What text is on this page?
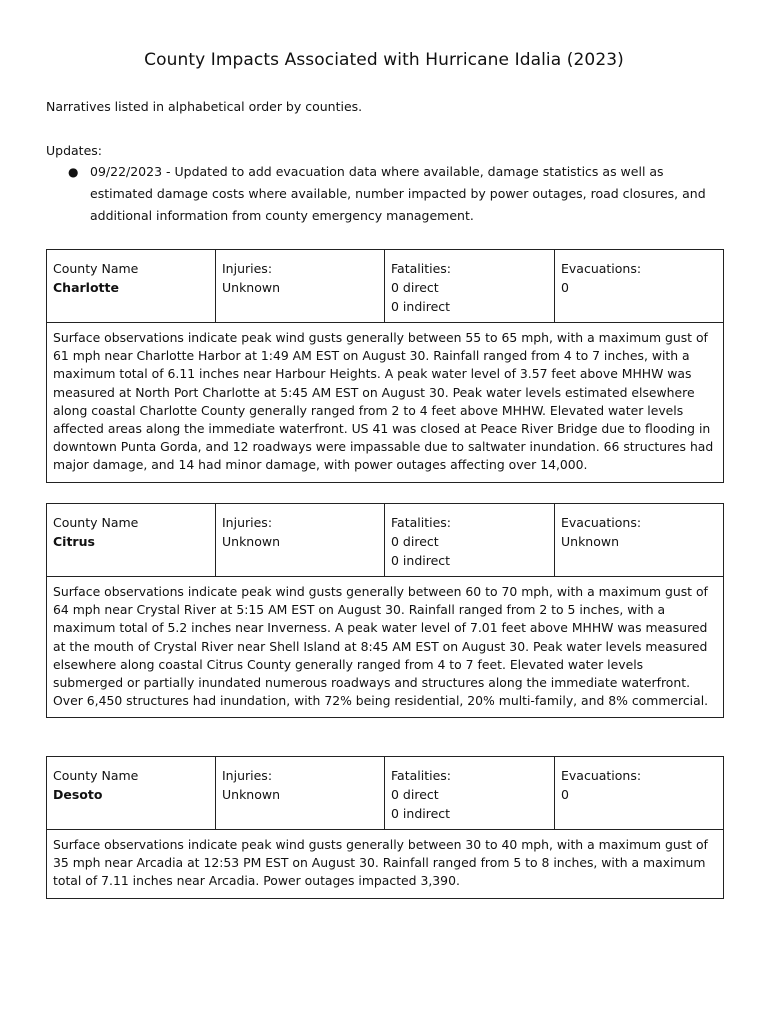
County Impacts Associated with Hurricane Idalia (2023)
Narratives listed in alphabetical order by counties.
Updates:
● 09/22/2023 - Updated to add evacuation data where available, damage statistics as well as estimated damage costs where available, number impacted by power outages, road closures, and additional information from county emergency management.
County Name
Charlotte

Injuries:
Unknown

Fatalities:
0 direct
0 indirect

Evacuations:
0

Surface observations indicate peak wind gusts generally between 55 to 65 mph, with a maximum gust of 61 mph near Charlotte Harbor at 1:49 AM EST on August 30. Rainfall ranged from 4 to 7 inches, with a maximum total of 6.11 inches near Harbour Heights. A peak water level of 3.57 feet above MHHW was measured at North Port Charlotte at 5:45 AM EST on August 30. Peak water levels estimated elsewhere along coastal Charlotte County generally ranged from 2 to 4 feet above MHHW. Elevated water levels affected areas along the immediate waterfront. US 41 was closed at Peace River Bridge due to flooding in downtown Punta Gorda, and 12 roadways were impassable due to saltwater inundation. 66 structures had major damage, and 14 had minor damage, with power outages affecting over 14,000.
County Name
Citrus

Injuries:
Unknown

Fatalities:
0 direct
0 indirect

Evacuations:
Unknown

Surface observations indicate peak wind gusts generally between 60 to 70 mph, with a maximum gust of 64 mph near Crystal River at 5:15 AM EST on August 30. Rainfall ranged from 2 to 5 inches, with a maximum total of 5.2 inches near Inverness. A peak water level of 7.01 feet above MHHW was measured at the mouth of Crystal River near Shell Island at 8:45 AM EST on August 30. Peak water levels measured elsewhere along coastal Citrus County generally ranged from 4 to 7 feet. Elevated water levels submerged or partially inundated numerous roadways and structures along the immediate waterfront. Over 6,450 structures had inundation, with 72% being residential, 20% multi-family, and 8% commercial.
County Name
Desoto

Injuries:
Unknown

Fatalities:
0 direct
0 indirect

Evacuations:
0

Surface observations indicate peak wind gusts generally between 30 to 40 mph, with a maximum gust of 35 mph near Arcadia at 12:53 PM EST on August 30. Rainfall ranged from 5 to 8 inches, with a maximum total of 7.11 inches near Arcadia. Power outages impacted 3,390.
